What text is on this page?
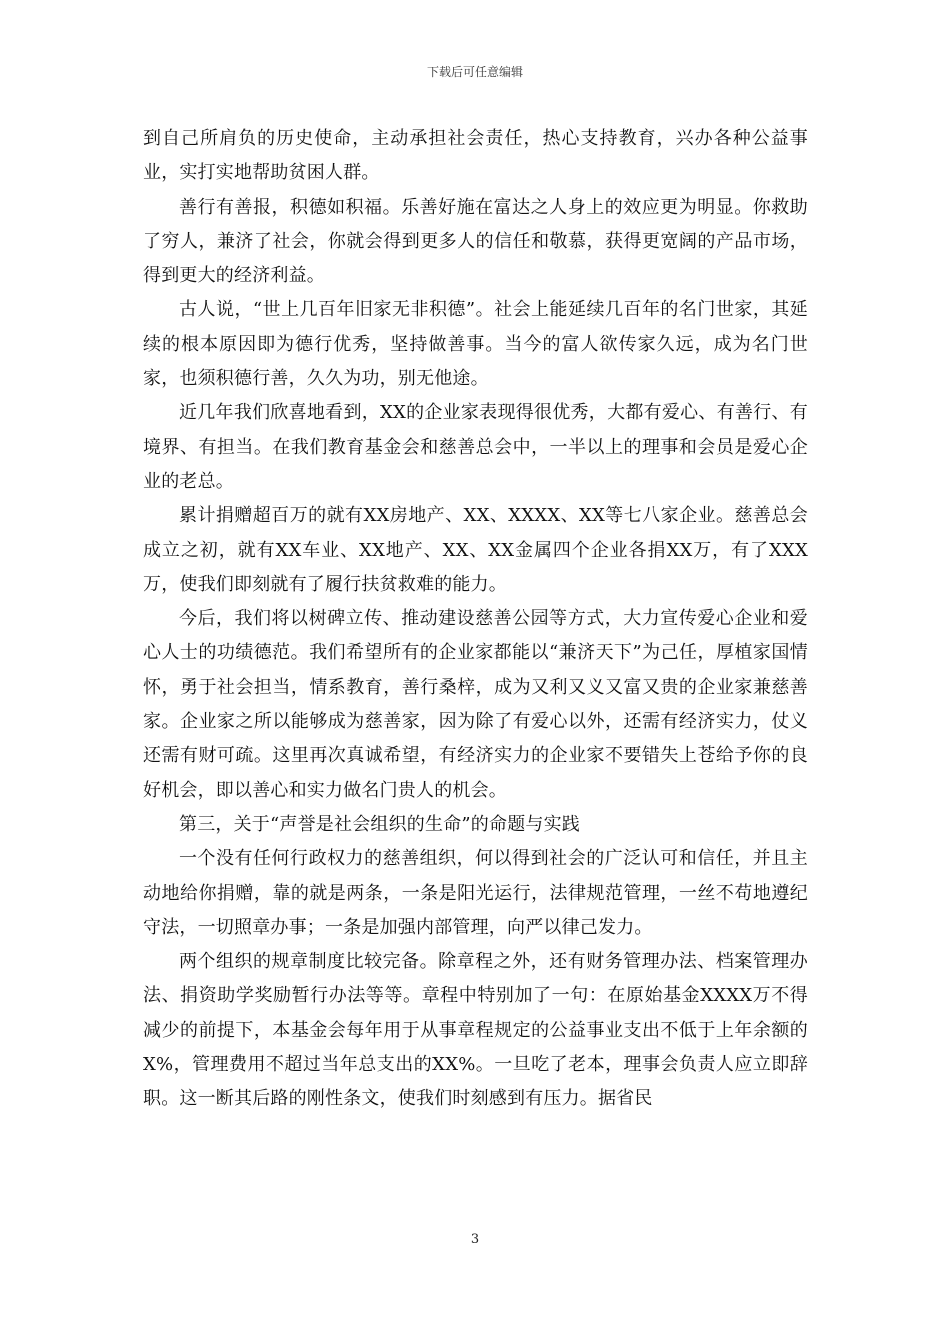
下载后可任意编辑

到自己所肩负的历史使命，主动承担社会责任，热心支持教育，兴办各种公益事业，实打实地帮助贫困人群。

善行有善报，积德如积福。乐善好施在富达之人身上的效应更为明显。你救助了穷人，兼济了社会，你就会得到更多人的信任和敬慕，获得更宽阔的产品市场，得到更大的经济利益。

古人说，“世上几百年旧家无非积德”。社会上能延续几百年的名门世家，其延续的根本原因即为德行优秀，坚持做善事。当今的富人欲传家久远，成为名门世家，也须积德行善，久久为功，别无他途。

近几年我们欣喜地看到，XX的企业家表现得很优秀，大都有爱心、有善行、有境界、有担当。在我们教育基金会和慈善总会中，一半以上的理事和会员是爱心企业的老总。

累计捐赠超百万的就有XX房地产、XX、XXXX、XX等七八家企业。慈善总会成立之初，就有XX车业、XX地产、XX、XX金属四个企业各捐XX万，有了XXX万，使我们即刻就有了履行扶贫救难的能力。

今后，我们将以树碑立传、推动建设慈善公园等方式，大力宣传爱心企业和爱心人士的功绩德范。我们希望所有的企业家都能以“兼济天下”为己任，厚植家国情怀，勇于社会担当，情系教育，善行桑梓，成为又利又义又富又贵的企业家兼慈善家。企业家之所以能够成为慈善家，因为除了有爱心以外，还需有经济实力，仗义还需有财可疏。这里再次真诚希望，有经济实力的企业家不要错失上苍给予你的良好机会，即以善心和实力做名门贵人的机会。

第三，关于“声誉是社会组织的生命”的命题与实践

一个没有任何行政权力的慈善组织，何以得到社会的广泛认可和信任，并且主动地给你捐赠，靠的就是两条，一条是阳光运行，法律规范管理，一丝不苟地遵纪守法，一切照章办事；一条是加强内部管理，向严以律己发力。

两个组织的规章制度比较完备。除章程之外，还有财务管理办法、档案管理办法、捐资助学奖励暂行办法等等。章程中特别加了一句：在原始基金XXXX万不得减少的前提下，本基金会每年用于从事章程规定的公益事业支出不低于上年余额的X%，管理费用不超过当年总支出的XX%。一旦吃了老本，理事会负责人应立即辞职。这一断其后路的刚性条文，使我们时刻感到有压力。据省民

3
